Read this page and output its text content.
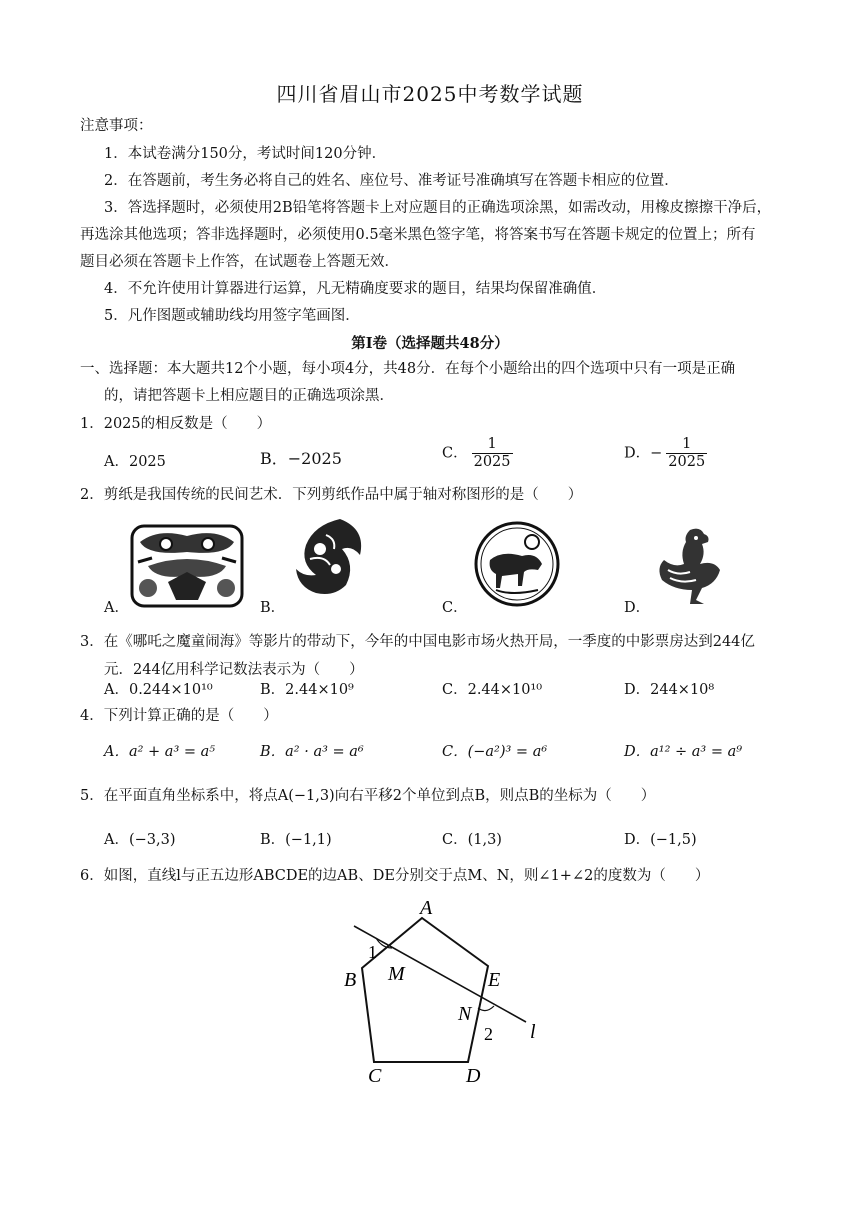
四川省眉山市2025中考数学试题
注意事项：
1．本试卷满分150分，考试时间120分钟．
2．在答题前，考生务必将自己的姓名、座位号、准考证号准确填写在答题卡相应的位置．
3．答选择题时，必须使用2B铅笔将答题卡上对应题目的正确选项涂黑，如需改动，用橡皮擦擦干净后，
再选涂其他选项；答非选择题时，必须使用0.5毫米黑色签字笔，将答案书写在答题卡规定的位置上；所有
题目必须在答题卡上作答，在试题卷上答题无效．
4．不允许使用计算器进行运算，凡无精确度要求的题目，结果均保留准确值．
5．凡作图题或辅助线均用签字笔画图．
第Ⅰ卷（选择题共48分）
一、选择题：本大题共12个小题，每小项4分，共48分．在每个小题给出的四个选项中只有一项是正确
的，请把答题卡上相应题目的正确选项涂黑．
1．2025的相反数是（　　）
A．2025	B．−2025	C． $\frac{1}{2025}$	D．− $\frac{1}{2025}$
2．剪纸是我国传统的民间艺术．下列剪纸作品中属于轴对称图形的是（　　）
A．	B．	C．	D．
3．在《哪吒之魔童闹海》等影片的带动下，今年的中国电影市场火热开局，一季度的中影票房达到244亿
元．244亿用科学记数法表示为（　　）
A．0.244×10¹⁰	B．2.44×10⁹	C．2.44×10¹⁰	D．244×10⁸
4．下列计算正确的是（　　）
A．a² + a³ = a⁵	B．a² · a³ = a⁶	C．(−a²)³ = a⁶	D．a¹² ÷ a³ = a⁹
5．在平面直角坐标系中，将点A(−1,3)向右平移2个单位到点B，则点B的坐标为（　　）
A．(−3,3)	B．(−1,1)	C．(1,3)	D．(−1,5)
6．如图，直线l与正五边形ABCDE的边AB、DE分别交于点M、N，则∠1+∠2的度数为（　　）
A
B
C	D
E
M
N
l
1
2
